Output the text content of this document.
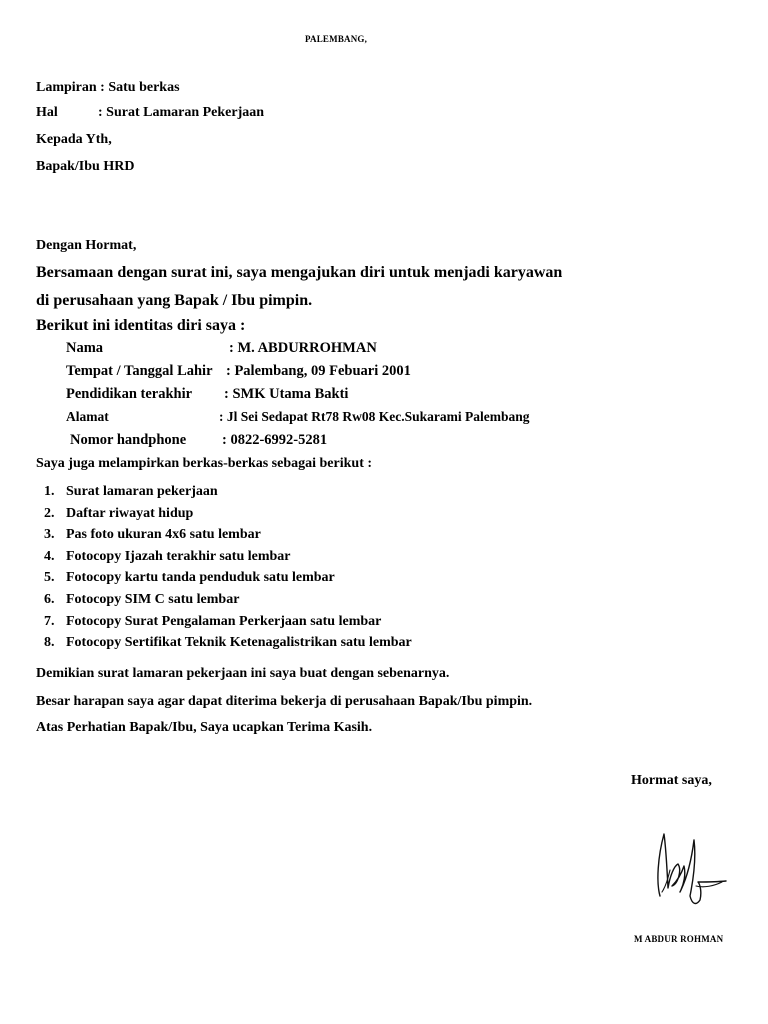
PALEMBANG,
Lampiran : Satu berkas
Hal	: Surat Lamaran Pekerjaan
Kepada Yth,
Bapak/Ibu HRD
Dengan Hormat,
Bersamaan dengan surat ini, saya mengajukan diri untuk menjadi karyawan
di perusahaan yang Bapak / Ibu pimpin.
Berikut ini identitas diri saya :
Nama	: M. ABDURROHMAN
Tempat / Tanggal Lahir : Palembang, 09 Febuari 2001
Pendidikan terakhir : SMK Utama Bakti
Alamat	: Jl Sei Sedapat Rt78 Rw08 Kec.Sukarami Palembang
Nomor handphone : 0822-6992-5281
Saya juga melampirkan berkas-berkas sebagai berikut :
1. Surat lamaran pekerjaan
2. Daftar riwayat hidup
3. Pas foto ukuran 4x6 satu lembar
4. Fotocopy Ijazah terakhir satu lembar
5. Fotocopy kartu tanda penduduk satu lembar
6. Fotocopy SIM C satu lembar
7. Fotocopy Surat Pengalaman Perkerjaan satu lembar
8. Fotocopy Sertifikat Teknik Ketenagalistrikan satu lembar
Demikian surat lamaran pekerjaan ini saya buat dengan sebenarnya.
Besar harapan saya agar dapat diterima bekerja di perusahaan Bapak/Ibu pimpin.
Atas Perhatian Bapak/Ibu, Saya ucapkan Terima Kasih.
Hormat saya,
M ABDUR ROHMAN
